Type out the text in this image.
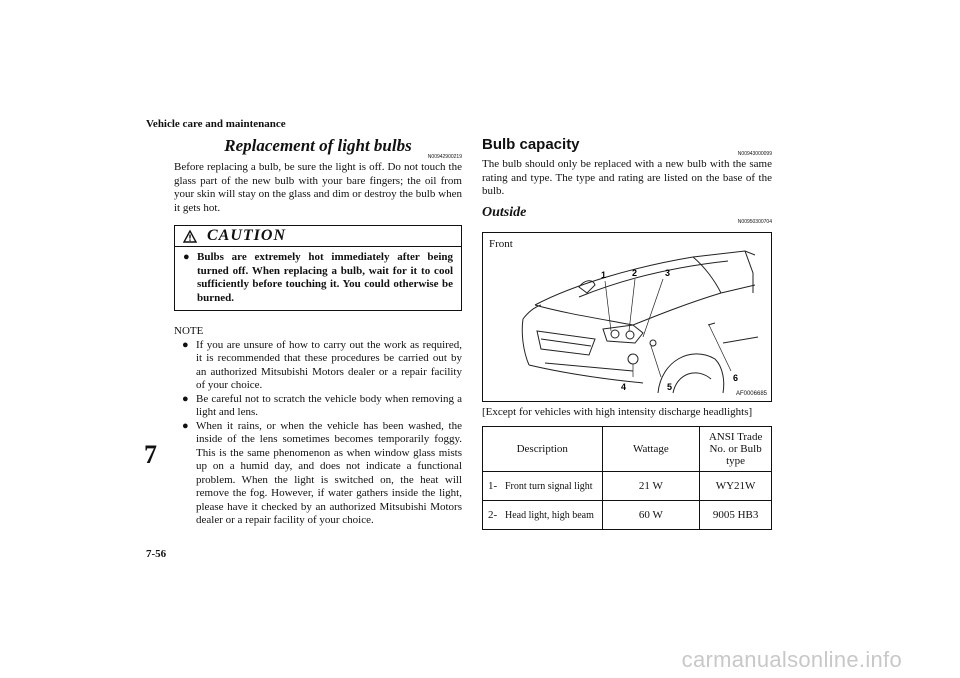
Vehicle care and maintenance
7
7-56
carmanualsonline.info
Replacement of light bulbs
N00942900219

Before replacing a bulb, be sure the light is off. Do not touch the glass part of the new bulb with your bare fingers; the oil from your skin will stay on the glass and dim or destroy the bulb when it gets hot.

CAUTION
● Bulbs are extremely hot immediately after being turned off. When replacing a bulb, wait for it to cool sufficiently before touching it. You could otherwise be burned.
NOTE
● If you are unsure of how to carry out the work as required, it is recommended that these procedures be carried out by an authorized Mitsubishi Motors dealer or a repair facility of your choice.
● Be careful not to scratch the vehicle body when removing a light and lens.
● When it rains, or when the vehicle has been washed, the inside of the lens sometimes becomes temporarily foggy. This is the same phenomenon as when window glass mists up on a humid day, and does not indicate a functional problem. When the light is switched on, the heat will remove the fog. However, if water gathers inside the light, please have it checked by an authorized Mitsubishi Motors dealer or a repair facility of your choice.
Bulb capacity
N00943000099

The bulb should only be replaced with a new bulb with the same rating and type. The type and rating are listed on the base of the bulb.

Outside
N00950300704
1	2	3
4	5
6
Front
AF0006685
[Except for vehicles with high intensity discharge headlights]
Description	Wattage	ANSI Trade No. or Bulb type

1- Front turn signal light	21 W	WY21W

2- Head light, high beam	60 W	9005 HB3
